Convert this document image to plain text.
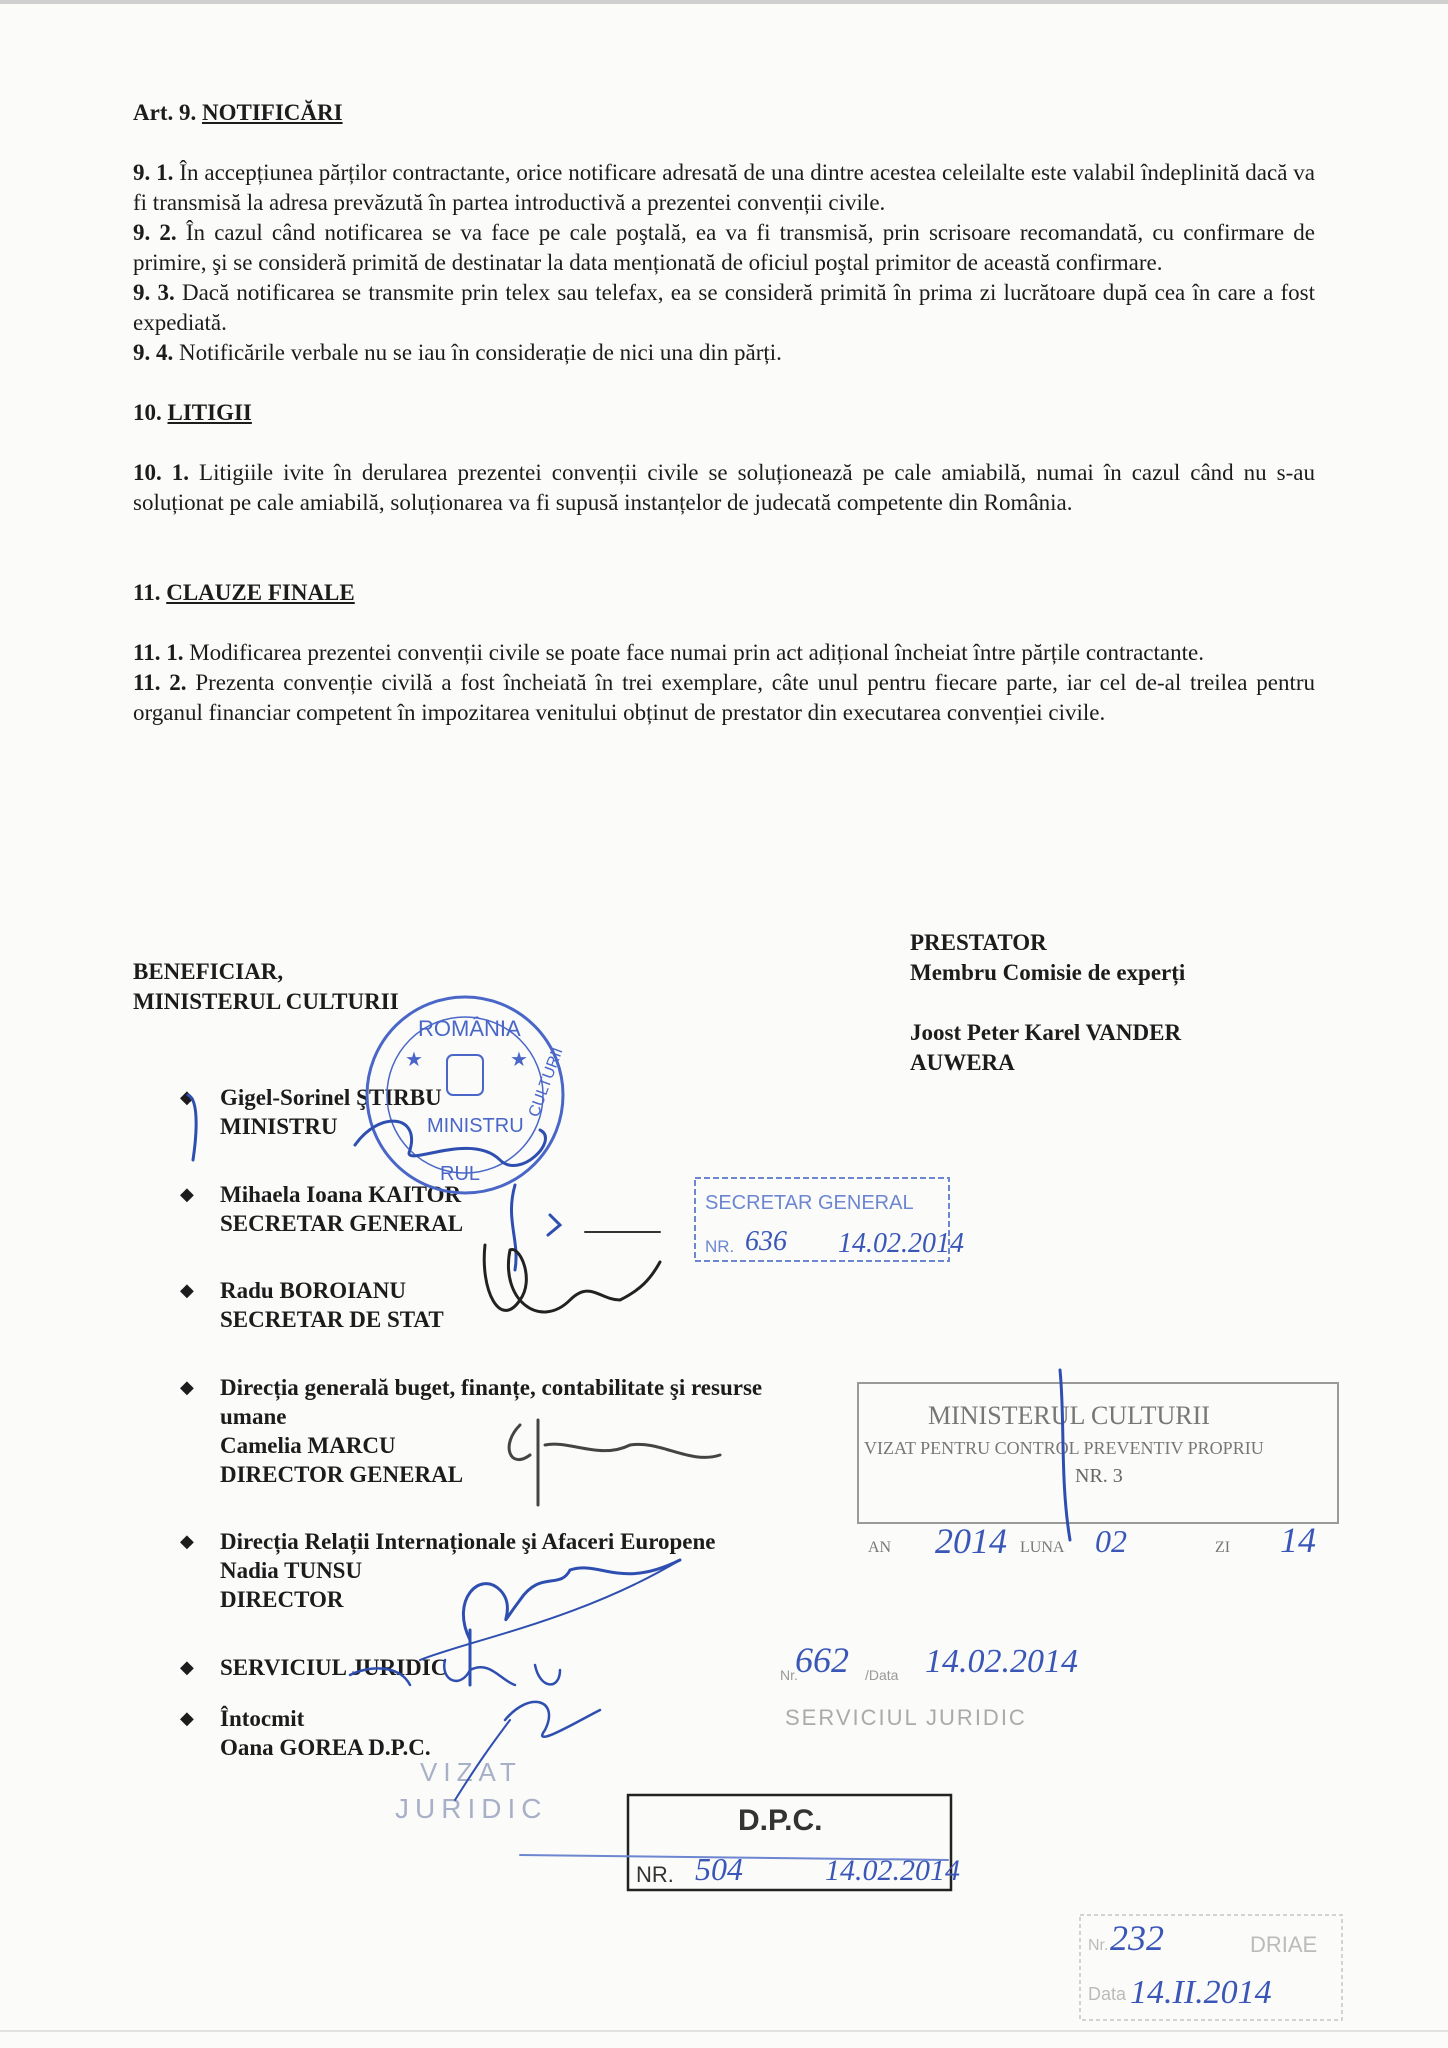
Art. 9. NOTIFICĂRI

9. 1. În accepțiunea părților contractante, orice notificare adresată de una dintre acestea celeilalte este valabil îndeplinită dacă va fi transmisă la adresa prevăzută în partea introductivă a prezentei convenții civile.

9. 2. În cazul când notificarea se va face pe cale poştală, ea va fi transmisă, prin scrisoare recomandată, cu confirmare de primire, şi se consideră primită de destinatar la data menționată de oficiul poştal primitor de această confirmare.

9. 3. Dacă notificarea se transmite prin telex sau telefax, ea se consideră primită în prima zi lucrătoare după cea în care a fost expediată.

9. 4. Notificările verbale nu se iau în considerație de nici una din părți.

10. LITIGII

10. 1. Litigiile ivite în derularea prezentei convenții civile se soluționează pe cale amiabilă, numai în cazul când nu s-au soluționat pe cale amiabilă, soluționarea va fi supusă instanțelor de judecată competente din România.

11. CLAUZE FINALE

11. 1. Modificarea prezentei convenții civile se poate face numai prin act adițional încheiat între părțile contractante.

11. 2. Prezenta convenție civilă a fost încheiată în trei exemplare, câte unul pentru fiecare parte, iar cel de-al treilea pentru organul financiar competent în impozitarea venitului obținut de prestator din executarea convenției civile.

BENEFICIAR,
MINISTERUL CULTURII
PRESTATOR
Membru Comisie de experți
Joost Peter Karel VANDER
AUWERA
◆ Gigel-Sorinel ŞTIRBU
MINISTRU
◆ Mihaela Ioana KAITOR
SECRETAR GENERAL
◆ Radu BOROIANU
SECRETAR DE STAT
◆ Direcția generală buget, finanțe, contabilitate şi resurse
umane
Camelia MARCU
DIRECTOR GENERAL
◆ Direcția Relații Internaționale şi Afaceri Europene
Nadia TUNSU
DIRECTOR
◆ SERVICIUL JURIDIC
◆ Întocmit
Oana GOREA D.P.C.
ROMÂNIA
MINISTRU
CULTURII
RUL
★	★
SECRETAR GENERAL
NR. 636 14.02.2014
MINISTERUL CULTURII
VIZAT PENTRU CONTROL PREVENTIV PROPRIU
NR. 3
AN 2014 LUNA 02	ZI 14
Nr.
662 /Data 14.02.2014
SERVICIUL JURIDIC
VIZAT
JURIDIC	D.P.C.
NR. 504	14.02.2014
Nr. 232	DRIAE
Data 14.II.2014
